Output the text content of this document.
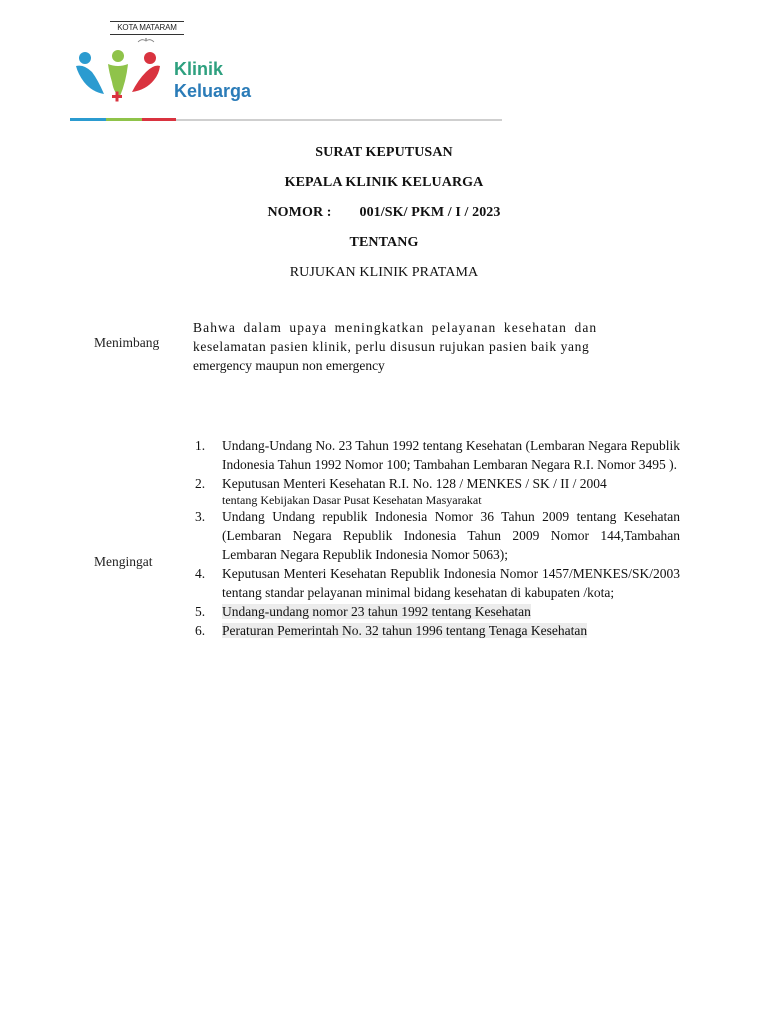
KOTA MATARAM
Klinik
Keluarga
SURAT KEPUTUSAN
KEPALA KLINIK KELUARGA
NOMOR :	001/SK/ PKM / I / 2023
TENTANG
RUJUKAN KLINIK PRATAMA
Menimbang
Bahwa dalam upaya meningkatkan pelayanan kesehatan dan
keselamatan pasien klinik, perlu disusun rujukan pasien baik yang
emergency maupun non emergency
Mengingat
1.	Undang-Undang No. 23 Tahun 1992 tentang Kesehatan (Lembaran Negara Republik Indonesia Tahun 1992 Nomor 100; Tambahan Lembaran Negara R.I. Nomor 3495 ).
2.	Keputusan Menteri Kesehatan R.I. No. 128 / MENKES / SK / II / 2004
tentang Kebijakan Dasar Pusat Kesehatan Masyarakat
3.	Undang Undang republik Indonesia Nomor 36 Tahun 2009 tentang Kesehatan (Lembaran Negara Republik Indonesia Tahun 2009 Nomor 144,Tambahan Lembaran Negara Republik Indonesia Nomor 5063);
4.	Keputusan Menteri Kesehatan Republik Indonesia Nomor 1457/MENKES/SK/2003 tentang standar pelayanan minimal bidang kesehatan di kabupaten /kota;
5.	Undang-undang nomor 23 tahun 1992 tentang Kesehatan
6.	Peraturan Pemerintah No. 32 tahun 1996 tentang Tenaga Kesehatan
